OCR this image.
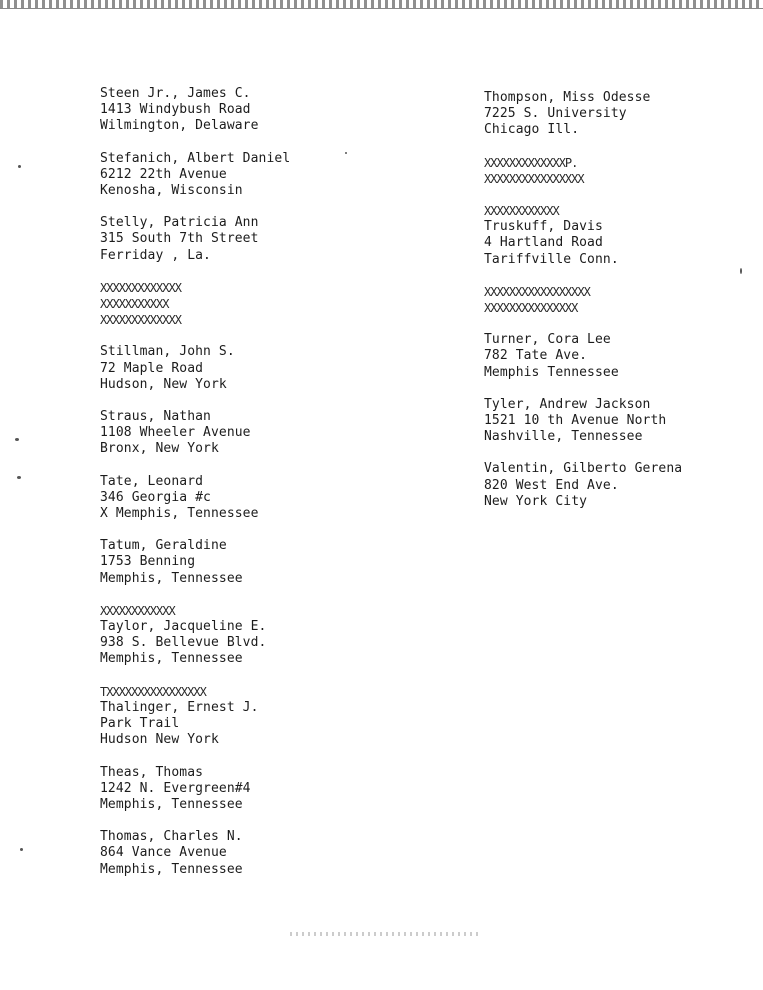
Steen Jr., James C.
1413 Windybush Road
Wilmington, Delaware
Stefanich, Albert Daniel
6212 22th Avenue
Kenosha, Wisconsin
Stelly, Patricia Ann
315 South 7th Street
Ferriday , La.
XXXXXXXXXXXXX
XXXXXXXXXXX
XXXXXXXXXXXXX
Stillman, John S.
72 Maple Road
Hudson, New York
Straus, Nathan
1108 Wheeler Avenue
Bronx, New York
Tate, Leonard
346 Georgia #c
X Memphis, Tennessee
Tatum, Geraldine
1753 Benning
Memphis, Tennessee
XXXXXXXXXXXX
Taylor, Jacqueline E.
938 S. Bellevue Blvd.
Memphis, Tennessee
TXXXXXXXXXXXXXXXX
Thalinger, Ernest J.
Park Trail
Hudson New York
Theas, Thomas
1242 N. Evergreen#4
Memphis, Tennessee
Thomas, Charles N.
864 Vance Avenue
Memphis, Tennessee
Thompson, Miss Odesse
7225 S. University
Chicago Ill.
XXXXXXXXXXXXXP.
XXXXXXXXXXXXXXXX
XXXXXXXXXXXX
Truskuff, Davis
4 Hartland Road
Tariffville Conn.
XXXXXXXXXXXXXXXXX
XXXXXXXXXXXXXXX
Turner, Cora Lee
782 Tate Ave.
Memphis Tennessee
Tyler, Andrew Jackson
1521 10 th Avenue North
Nashville, Tennessee
Valentin, Gilberto Gerena
820 West End Ave.
New York City
